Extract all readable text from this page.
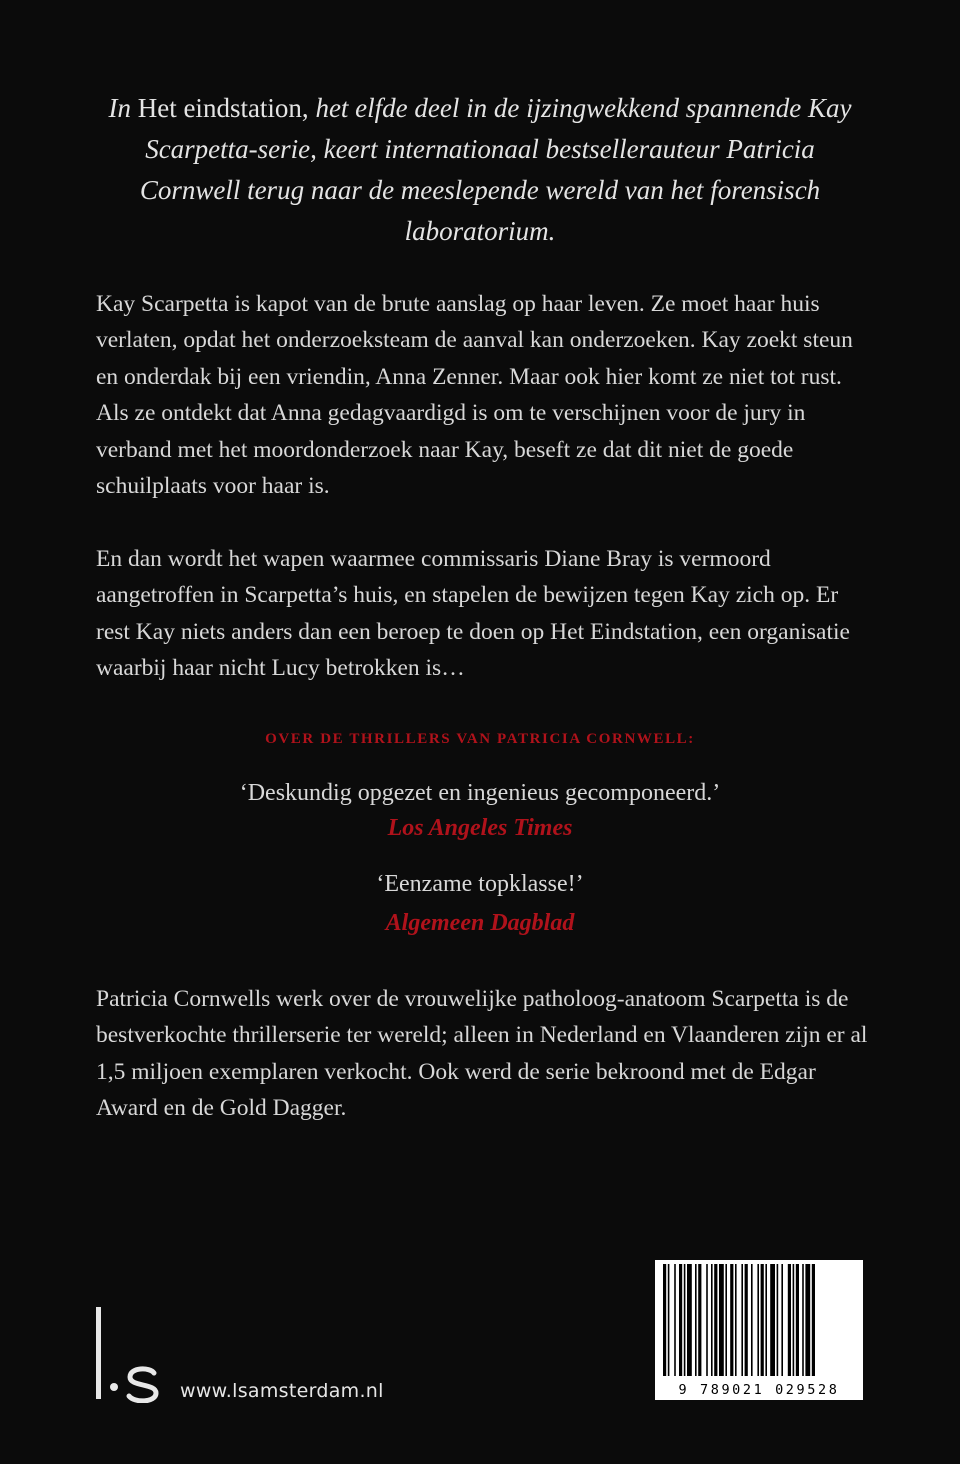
In Het eindstation, het elfde deel in de ijzingwekkend spannende Kay Scarpetta-serie, keert internationaal bestsellerauteur Patricia Cornwell terug naar de meeslepende wereld van het forensisch laboratorium.

Kay Scarpetta is kapot van de brute aanslag op haar leven. Ze moet haar huis verlaten, opdat het onderzoeksteam de aanval kan onderzoeken. Kay zoekt steun en onderdak bij een vriendin, Anna Zenner. Maar ook hier komt ze niet tot rust. Als ze ontdekt dat Anna gedagvaardigd is om te verschijnen voor de jury in verband met het moordonderzoek naar Kay, beseft ze dat dit niet de goede schuilplaats voor haar is.

En dan wordt het wapen waarmee commissaris Diane Bray is vermoord aangetroffen in Scarpetta’s huis, en stapelen de bewijzen tegen Kay zich op. Er rest Kay niets anders dan een beroep te doen op Het Eindstation, een organisatie waarbij haar nicht Lucy betrokken is…

OVER DE THRILLERS VAN PATRICIA CORNWELL:
‘Deskundig opgezet en ingenieus gecomponeerd.’
Los Angeles Times
‘Eenzame topklasse!’
Algemeen Dagblad

Patricia Cornwells werk over de vrouwelijke patholoog-anatoom Scarpetta is de bestverkochte thrillerserie ter wereld; alleen in Nederland en Vlaanderen zijn er al 1,5 miljoen exemplaren verkocht. Ook werd de serie bekroond met de Edgar Award en de Gold Dagger.

www.lsamsterdam.nl	9 789021 029528
